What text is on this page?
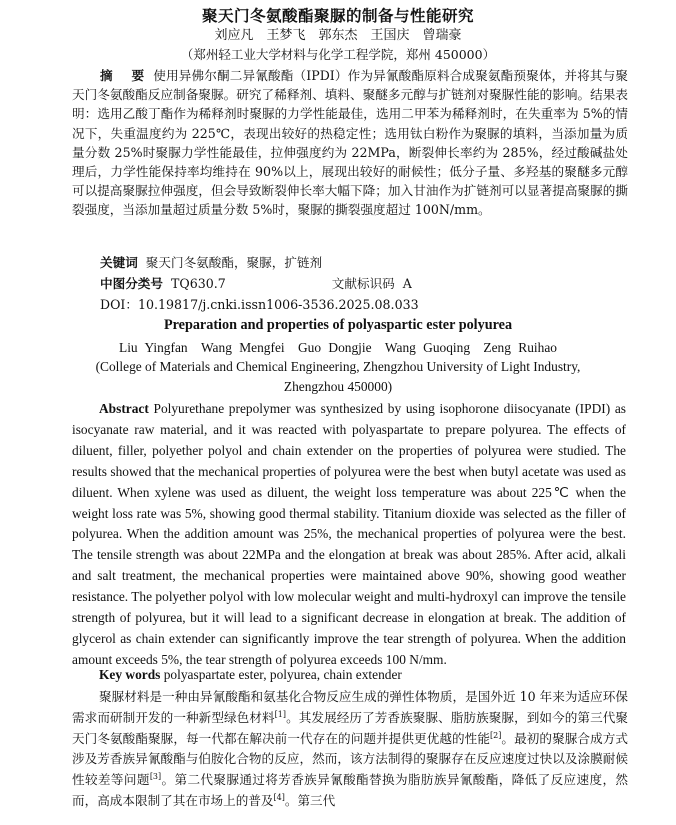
聚天门冬氨酸酯聚脲的制备与性能研究
刘应凡　王梦飞　郭东杰　王国庆　曾瑞豪
（郑州轻工业大学材料与化学工程学院，郑州 450000）
摘　要 使用异佛尔酮二异氰酸酯（IPDI）作为异氰酸酯原料合成聚氨酯预聚体，并将其与聚天门冬氨酸酯反应制备聚脲。研究了稀释剂、填料、聚醚多元醇与扩链剂对聚脲性能的影响。结果表明：选用乙酸丁酯作为稀释剂时聚脲的力学性能最佳，选用二甲苯为稀释剂时，在失重率为 5%的情况下，失重温度约为 225℃，表现出较好的热稳定性；选用钛白粉作为聚脲的填料，当添加量为质量分数 25%时聚脲力学性能最佳，拉伸强度约为 22MPa，断裂伸长率约为 285%，经过酸碱盐处理后，力学性能保持率均维持在 90%以上，展现出较好的耐候性；低分子量、多羟基的聚醚多元醇可以提高聚脲拉伸强度，但会导致断裂伸长率大幅下降；加入甘油作为扩链剂可以显著提高聚脲的撕裂强度，当添加量超过质量分数 5%时，聚脲的撕裂强度超过 100N/mm。
关键词 聚天门冬氨酸酯，聚脲，扩链剂
中图分类号 TQ630.7	文献标识码 A
DOI：10.19817/j.cnki.issn1006-3536.2025.08.033
Preparation and properties of polyaspartic ester polyurea
Liu Yingfan　Wang Mengfei　Guo Dongjie　Wang Guoqing　Zeng Ruihao
(College of Materials and Chemical Engineering, Zhengzhou University of Light Industry, Zhengzhou 450000)
Abstract Polyurethane prepolymer was synthesized by using isophorone diisocyanate (IPDI) as isocyanate raw material, and it was reacted with polyaspartate to prepare polyurea. The effects of diluent, filler, polyether polyol and chain extender on the properties of polyurea were studied. The results showed that the mechanical properties of polyurea were the best when butyl acetate was used as diluent. When xylene was used as diluent, the weight loss temperature was about 225℃ when the weight loss rate was 5%, showing good thermal stability. Titanium dioxide was selected as the filler of polyurea. When the addition amount was 25%, the mechanical properties of polyurea were the best. The tensile strength was about 22MPa and the elongation at break was about 285%. After acid, alkali and salt treatment, the mechanical properties were maintained above 90%, showing good weather resistance. The polyether polyol with low molecular weight and multi-hydroxyl can improve the tensile strength of polyurea, but it will lead to a significant decrease in elongation at break. The addition of glycerol as chain extender can significantly improve the tear strength of polyurea. When the addition amount exceeds 5%, the tear strength of polyurea exceeds 100 N/mm.
Key words polyaspartate ester, polyurea, chain extender
聚脲材料是一种由异氰酸酯和氨基化合物反应生成的弹性体物质，是国外近 10 年来为适应环保需求而研制开发的一种新型绿色材料[1]。其发展经历了芳香族聚脲、脂肪族聚脲，到如今的第三代聚天门冬氨酸酯聚脲，每一代都在解决前一代存在的问题并提供更优越的性能[2]。最初的聚脲合成方式涉及芳香族异氰酸酯与伯胺化合物的反应，然而，该方法制得的聚脲存在反应速度过快以及涂膜耐候性较差等问题[3]。第二代聚脲通过将芳香族异氰酸酯替换为脂肪族异氰酸酯，降低了反应速度，然而，高成本限制了其在市场上的普及[4]。第三代
